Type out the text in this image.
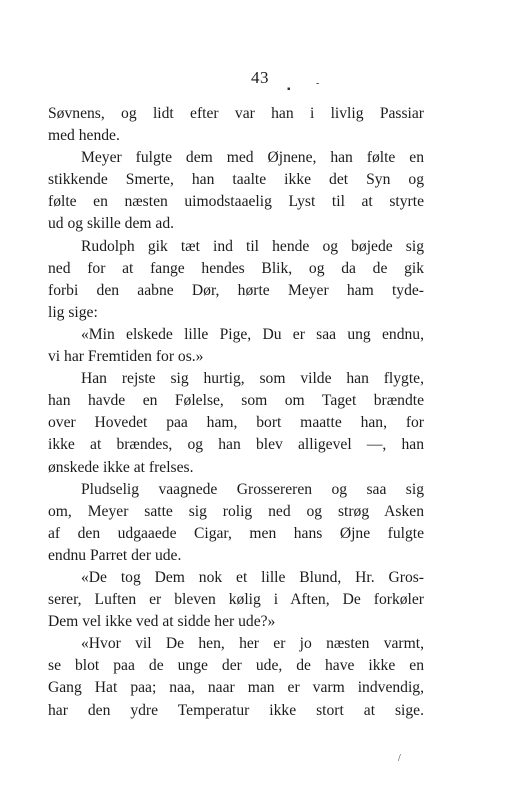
43
▪
-
Søvnens, og lidt efter var han i livlig Passiar
med hende.
Meyer fulgte dem med Øjnene, han følte en
stikkende Smerte, han taalte ikke det Syn og
følte en næsten uimodstaaelig Lyst til at styrte
ud og skille dem ad.
Rudolph gik tæt ind til hende og bøjede sig
ned for at fange hendes Blik, og da de gik
forbi den aabne Dør, hørte Meyer ham tyde-
lig sige:
«Min elskede lille Pige, Du er saa ung endnu,
vi har Fremtiden for os.»
Han rejste sig hurtig, som vilde han flygte,
han havde en Følelse, som om Taget brændte
over Hovedet paa ham, bort maatte han, for
ikke at brændes, og han blev alligevel —, han
ønskede ikke at frelses.
Pludselig vaagnede Grossereren og saa sig
om, Meyer satte sig rolig ned og strøg Asken
af den udgaaede Cigar, men hans Øjne fulgte
endnu Parret der ude.
«De tog Dem nok et lille Blund, Hr. Gros-
serer, Luften er bleven kølig i Aften, De forkøler
Dem vel ikke ved at sidde her ude?»
«Hvor vil De hen, her er jo næsten varmt,
se blot paa de unge der ude, de have ikke en
Gang Hat paa; naa, naar man er varm indvendig,
har den ydre Temperatur ikke stort at sige.
/
